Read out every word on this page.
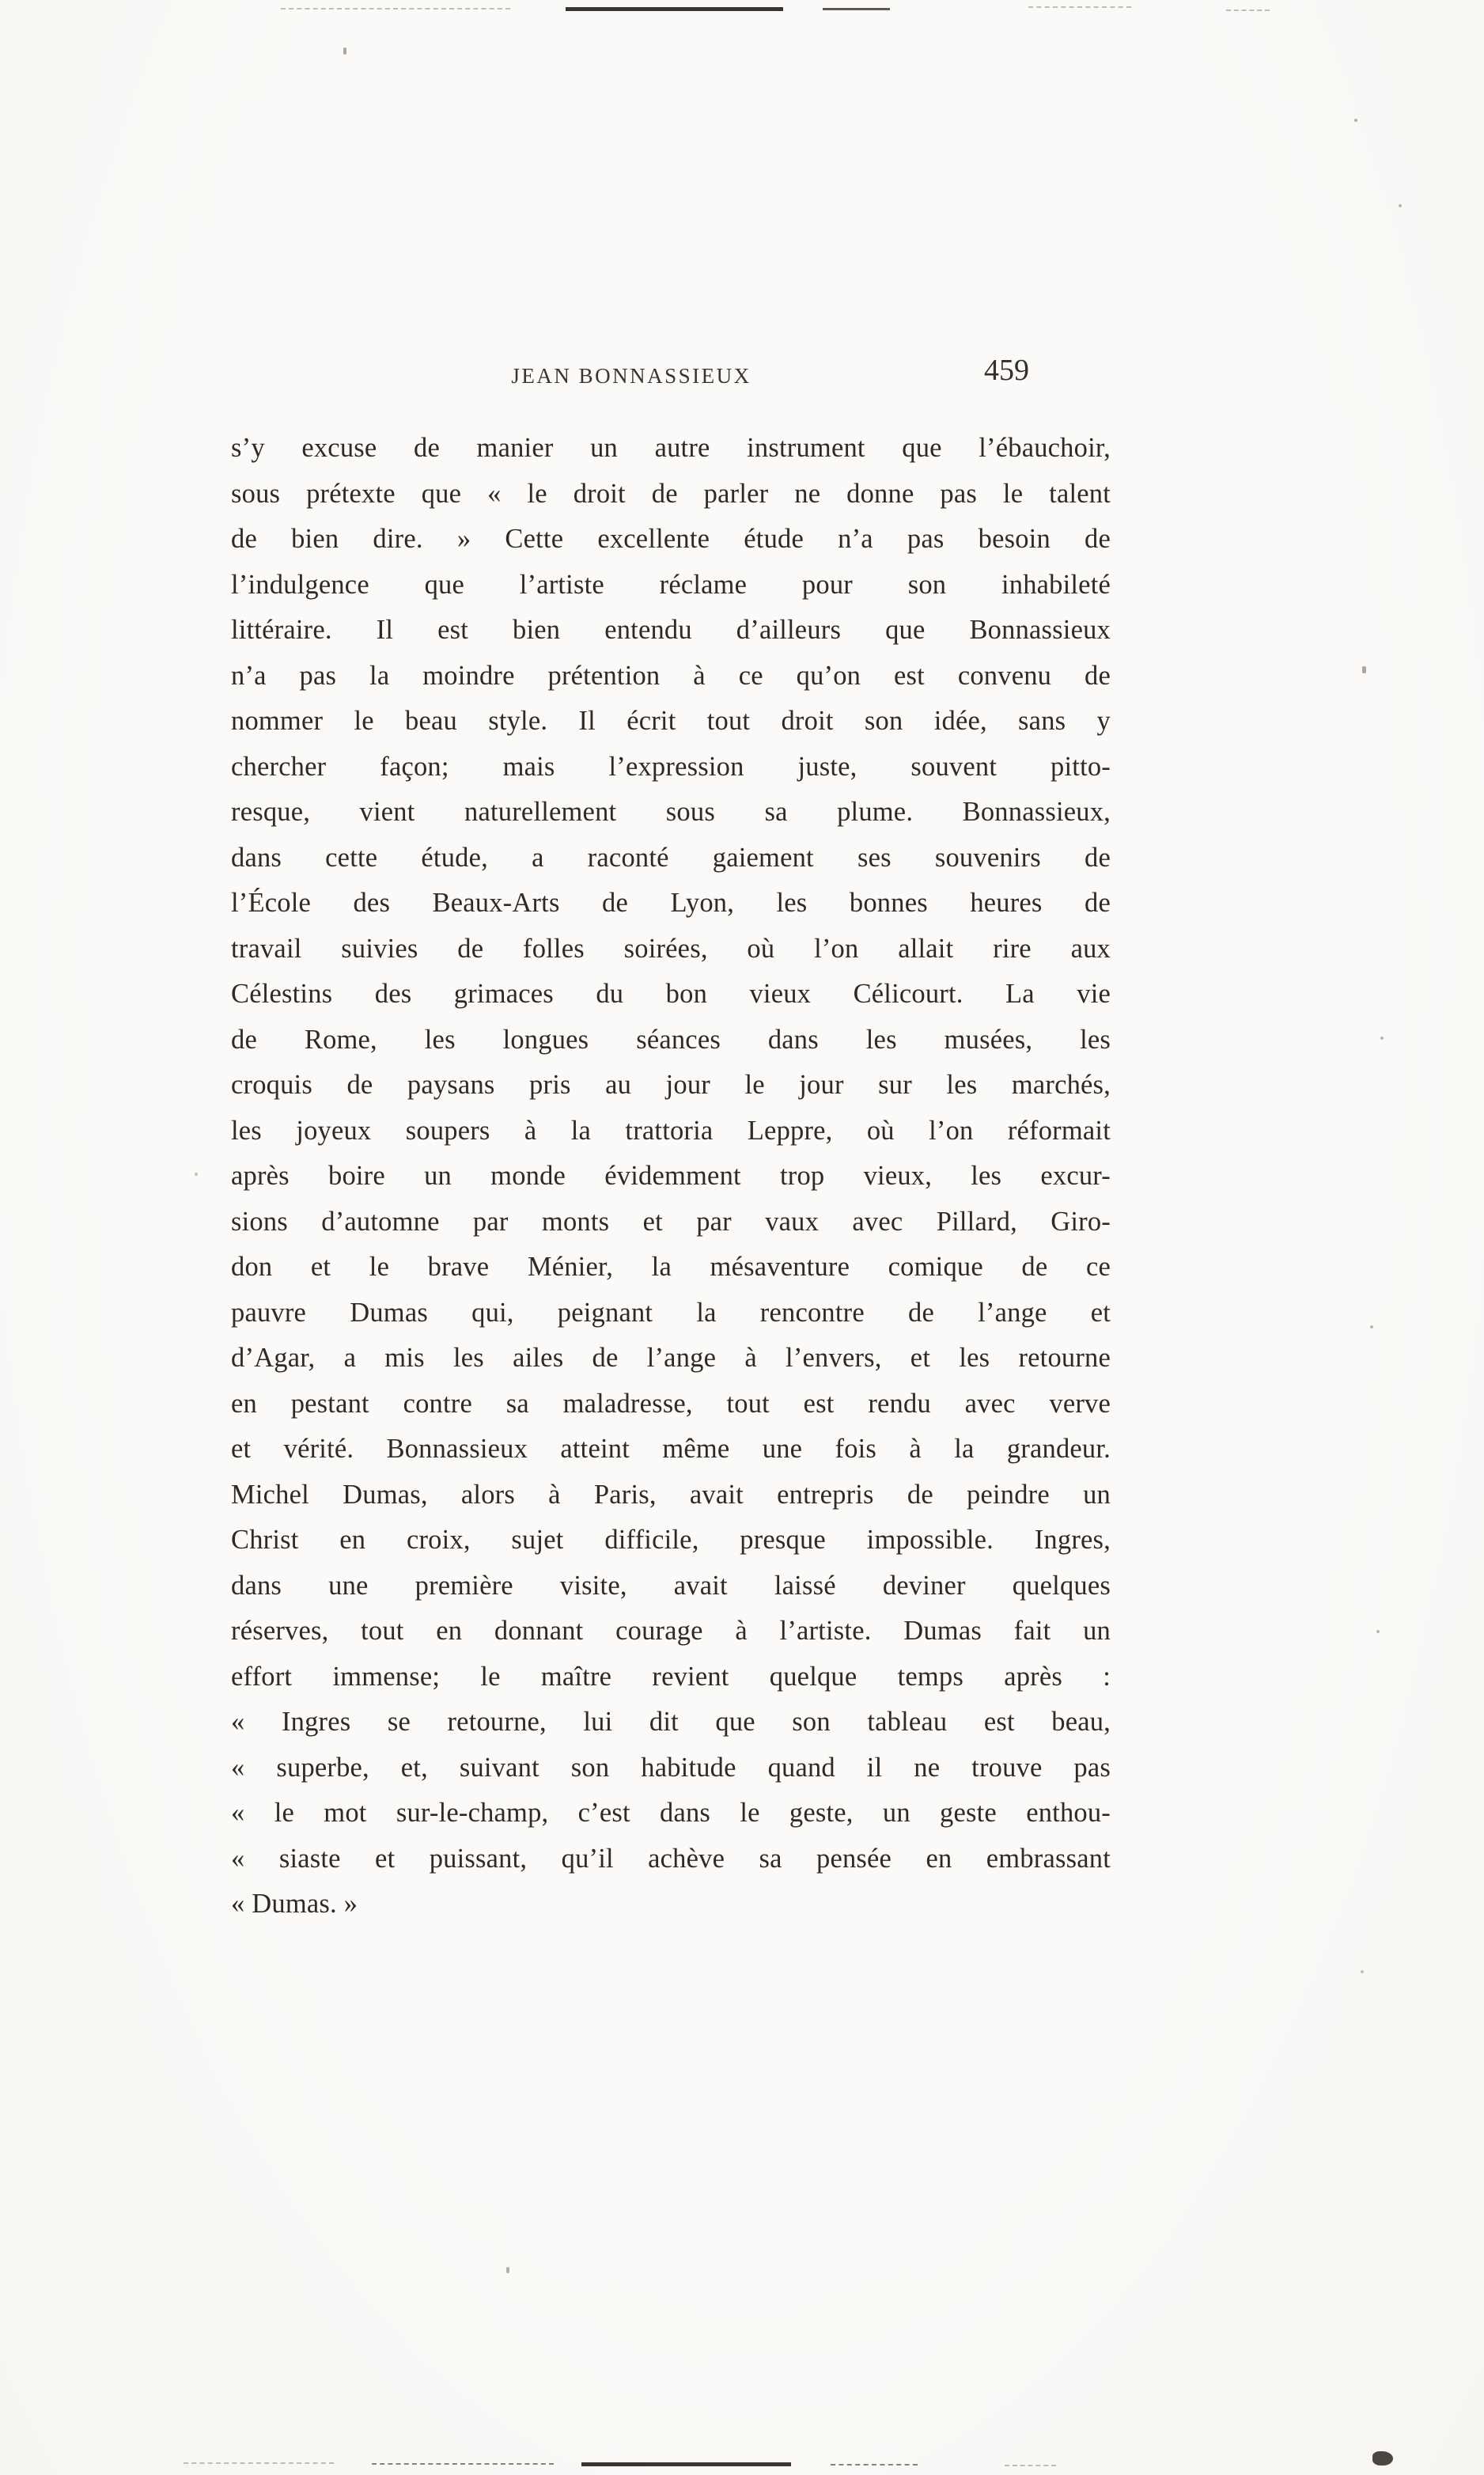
JEAN BONNASSIEUX	459
s’y excuse de manier un autre instrument que l’ébauchoir,
sous prétexte que « le droit de parler ne donne pas le talent
de bien dire. » Cette excellente étude n’a pas besoin de
l’indulgence que l’artiste réclame pour son inhabileté
littéraire. Il est bien entendu d’ailleurs que Bonnassieux
n’a pas la moindre prétention à ce qu’on est convenu de
nommer le beau style. Il écrit tout droit son idée, sans y
chercher façon; mais l’expression juste, souvent pitto-
resque, vient naturellement sous sa plume. Bonnassieux,
dans cette étude, a raconté gaiement ses souvenirs de
l’École des Beaux-Arts de Lyon, les bonnes heures de
travail suivies de folles soirées, où l’on allait rire aux
Célestins des grimaces du bon vieux Célicourt. La vie
de Rome, les longues séances dans les musées, les
croquis de paysans pris au jour le jour sur les marchés,
les joyeux soupers à la trattoria Leppre, où l’on réformait
après boire un monde évidemment trop vieux, les excur-
sions d’automne par monts et par vaux avec Pillard, Giro-
don et le brave Ménier, la mésaventure comique de ce
pauvre Dumas qui, peignant la rencontre de l’ange et
d’Agar, a mis les ailes de l’ange à l’envers, et les retourne
en pestant contre sa maladresse, tout est rendu avec verve
et vérité. Bonnassieux atteint même une fois à la grandeur.
Michel Dumas, alors à Paris, avait entrepris de peindre un
Christ en croix, sujet difficile, presque impossible. Ingres,
dans une première visite, avait laissé deviner quelques
réserves, tout en donnant courage à l’artiste. Dumas fait un
effort immense; le maître revient quelque temps après :
« Ingres se retourne, lui dit que son tableau est beau,
« superbe, et, suivant son habitude quand il ne trouve pas
« le mot sur-le-champ, c’est dans le geste, un geste enthou-
« siaste et puissant, qu’il achève sa pensée en embrassant
« Dumas. »
